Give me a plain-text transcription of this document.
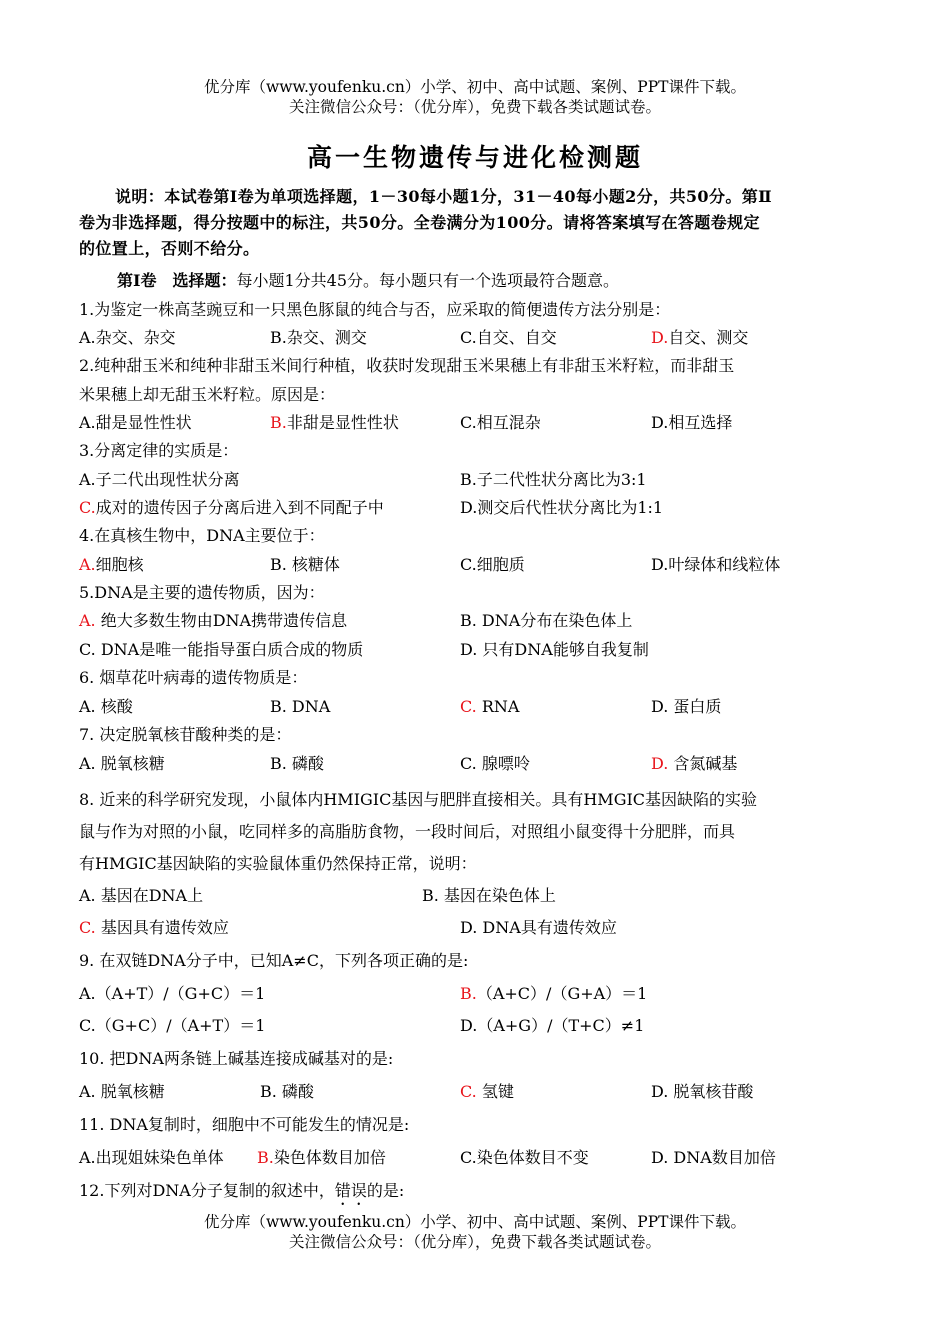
优分库（www.youfenku.cn）小学、初中、高中试题、案例、PPT课件下载。
关注微信公众号：（优分库），免费下载各类试题试卷。
高一生物遗传与进化检测题
说明：本试卷第Ⅰ卷为单项选择题，1－30每小题1分，31－40每小题2分，共50分。第Ⅱ
卷为非选择题，得分按题中的标注，共50分。全卷满分为100分。请将答案填写在答题卷规定
的位置上，否则不给分。
第Ⅰ卷　选择题：每小题1分共45分。每小题只有一个选项最符合题意。
1.为鉴定一株高茎豌豆和一只黑色豚鼠的纯合与否，应采取的简便遗传方法分别是：
A.杂交、杂交	B.杂交、测交	C.自交、自交	D.自交、测交
2.纯种甜玉米和纯种非甜玉米间行种植，收获时发现甜玉米果穗上有非甜玉米籽粒，而非甜玉
米果穗上却无甜玉米籽粒。原因是：
A.甜是显性性状	B.非甜是显性性状	C.相互混杂	D.相互选择
3.分离定律的实质是：
A.子二代出现性状分离	B.子二代性状分离比为3:1
C.成对的遗传因子分离后进入到不同配子中	D.测交后代性状分离比为1:1
4.在真核生物中，DNA主要位于：
A.细胞核	B. 核糖体	C.细胞质	D.叶绿体和线粒体
5.DNA是主要的遗传物质，因为：
A. 绝大多数生物由DNA携带遗传信息	B. DNA分布在染色体上
C. DNA是唯一能指导蛋白质合成的物质	D. 只有DNA能够自我复制
6. 烟草花叶病毒的遗传物质是：
A. 核酸	B. DNA	C. RNA	D. 蛋白质
7. 决定脱氧核苷酸种类的是：
A. 脱氧核糖	B. 磷酸	C. 腺嘌呤	D. 含氮碱基
8. 近来的科学研究发现，小鼠体内HMIGIC基因与肥胖直接相关。具有HMGIC基因缺陷的实验
鼠与作为对照的小鼠，吃同样多的高脂肪食物，一段时间后，对照组小鼠变得十分肥胖，而具
有HMGIC基因缺陷的实验鼠体重仍然保持正常，说明：
A. 基因在DNA上	B. 基因在染色体上
C. 基因具有遗传效应	D. DNA具有遗传效应
9. 在双链DNA分子中，已知A≠C，下列各项正确的是:
A.（A+T）/（G+C）＝1	B.（A+C）/（G+A）＝1
C.（G+C）/（A+T）＝1	D.（A+G）/（T+C）≠1
10. 把DNA两条链上碱基连接成碱基对的是:
A. 脱氧核糖	B. 磷酸	C. 氢键	D. 脱氧核苷酸
11. DNA复制时，细胞中不可能发生的情况是:
A.出现姐妹染色单体 B.染色体数目加倍	C.染色体数目不变	D. DNA数目加倍
12.下列对DNA分子复制的叙述中，错误的是:
优分库（www.youfenku.cn）小学、初中、高中试题、案例、PPT课件下载。
关注微信公众号：（优分库），免费下载各类试题试卷。
